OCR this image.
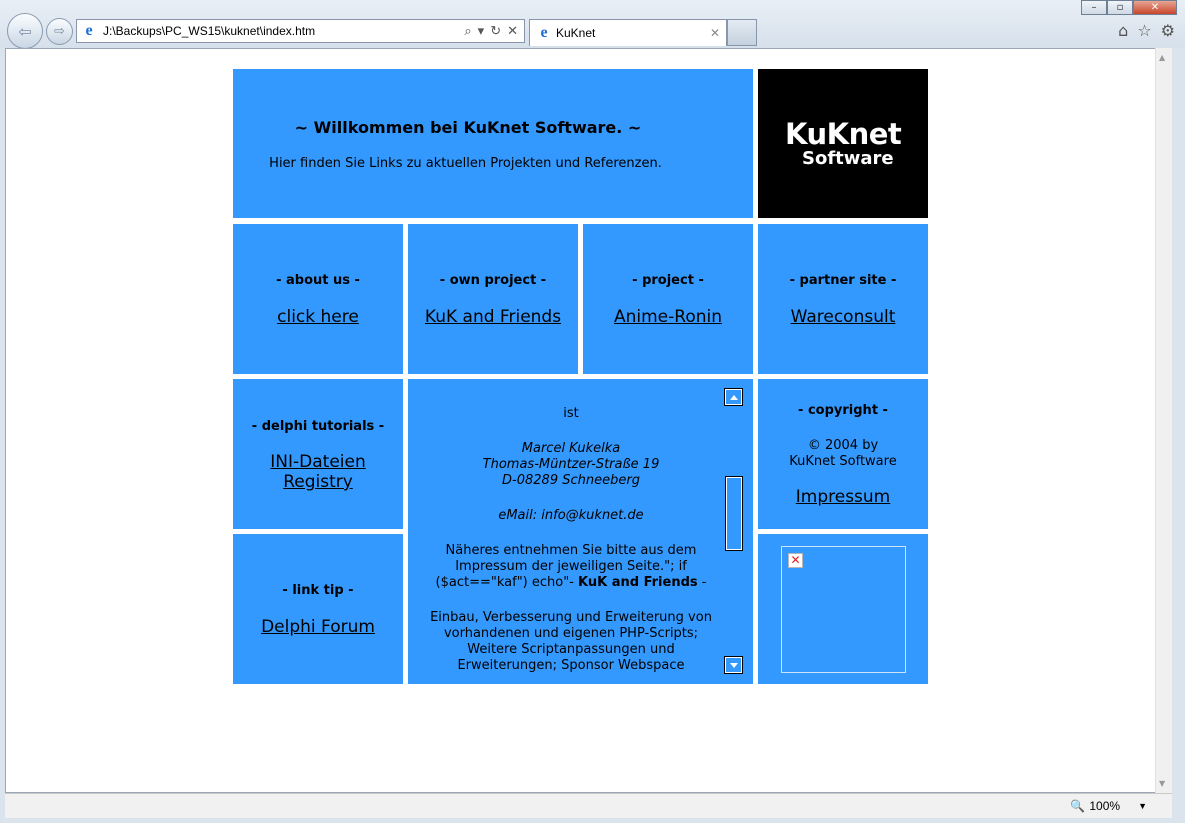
⇦ ⇨ e J:\Backups\PC_WS15\kuknet\index.htm	⌕ ▾ ↻ ✕ e KuKnet	✕
–	▫	✕
⌂ ☆ ⚙
▲
▼
~ Willkommen bei KuKnet Software. ~
Hier finden Sie Links zu aktuellen Projekten und Referenzen.
KuKnet
Software
- about us -
click here
- own project -
KuK and Friends
- project -
Anime-Ronin
- partner site -
Wareconsult
- delphi tutorials -
INI-Dateien
Registry

ist

Marcel Kukelka
Thomas-Müntzer-Straße 19
D-08289 Schneeberg

eMail: info@kuknet.de

Näheres entnehmen Sie bitte aus dem Impressum der jeweiligen Seite."; if ($act=="kaf") echo"- KuK and Friends -

Einbau, Verbesserung und Erweiterung von vorhandenen und eigenen PHP-Scripts; Weitere Scriptanpassungen und Erweiterungen; Sponsor Webspace

- copyright -
© 2004 by
KuKnet Software
Impressum
- link tip -
Delphi Forum
✕
🔍 100% ▼
